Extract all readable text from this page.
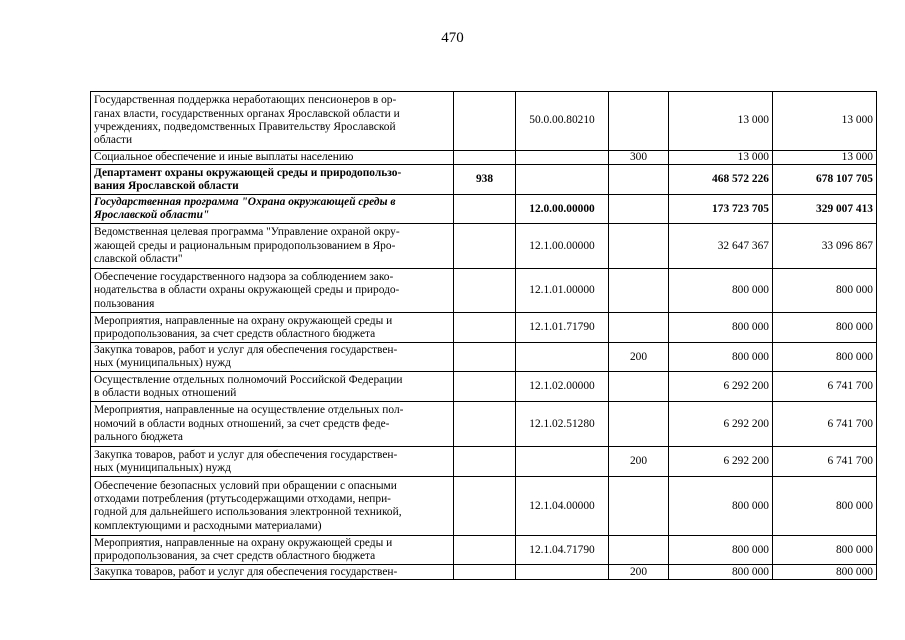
470
Государственная поддержка неработающих пенсионеров в ор-
ганах власти, государственных органах Ярославской области и
учреждениях, подведомственных Правительству Ярославской
области		50.0.00.80210		13 000	13 000
Социальное обеспечение и иные выплаты населению			300	13 000	13 000
Департамент охраны окружающей среды и природопользо-
вания Ярославской области	938			468 572 226	678 107 705
Государственная программа "Охрана окружающей среды в
Ярославской области"		12.0.00.00000		173 723 705	329 007 413
Ведомственная целевая программа "Управление охраной окру-
жающей среды и рациональным природопользованием в Яро-
славской области"		12.1.00.00000		32 647 367	33 096 867
Обеспечение государственного надзора за соблюдением зако-
нодательства в области охраны окружающей среды и природо-
пользования		12.1.01.00000		800 000	800 000
Мероприятия, направленные на охрану окружающей среды и
природопользования, за счет средств областного бюджета		12.1.01.71790		800 000	800 000
Закупка товаров, работ и услуг для обеспечения государствен-
ных (муниципальных) нужд			200	800 000	800 000
Осуществление отдельных полномочий Российской Федерации
в области водных отношений		12.1.02.00000		6 292 200	6 741 700
Мероприятия, направленные на осуществление отдельных пол-
номочий в области водных отношений, за счет средств феде-
рального бюджета		12.1.02.51280		6 292 200	6 741 700
Закупка товаров, работ и услуг для обеспечения государствен-
ных (муниципальных) нужд			200	6 292 200	6 741 700
Обеспечение безопасных условий при обращении с опасными
отходами потребления (ртутьсодержащими отходами, непри-
годной для дальнейшего использования электронной техникой,
комплектующими и расходными материалами)		12.1.04.00000		800 000	800 000
Мероприятия, направленные на охрану окружающей среды и
природопользования, за счет средств областного бюджета		12.1.04.71790		800 000	800 000
Закупка товаров, работ и услуг для обеспечения государствен-			200	800 000	800 000
